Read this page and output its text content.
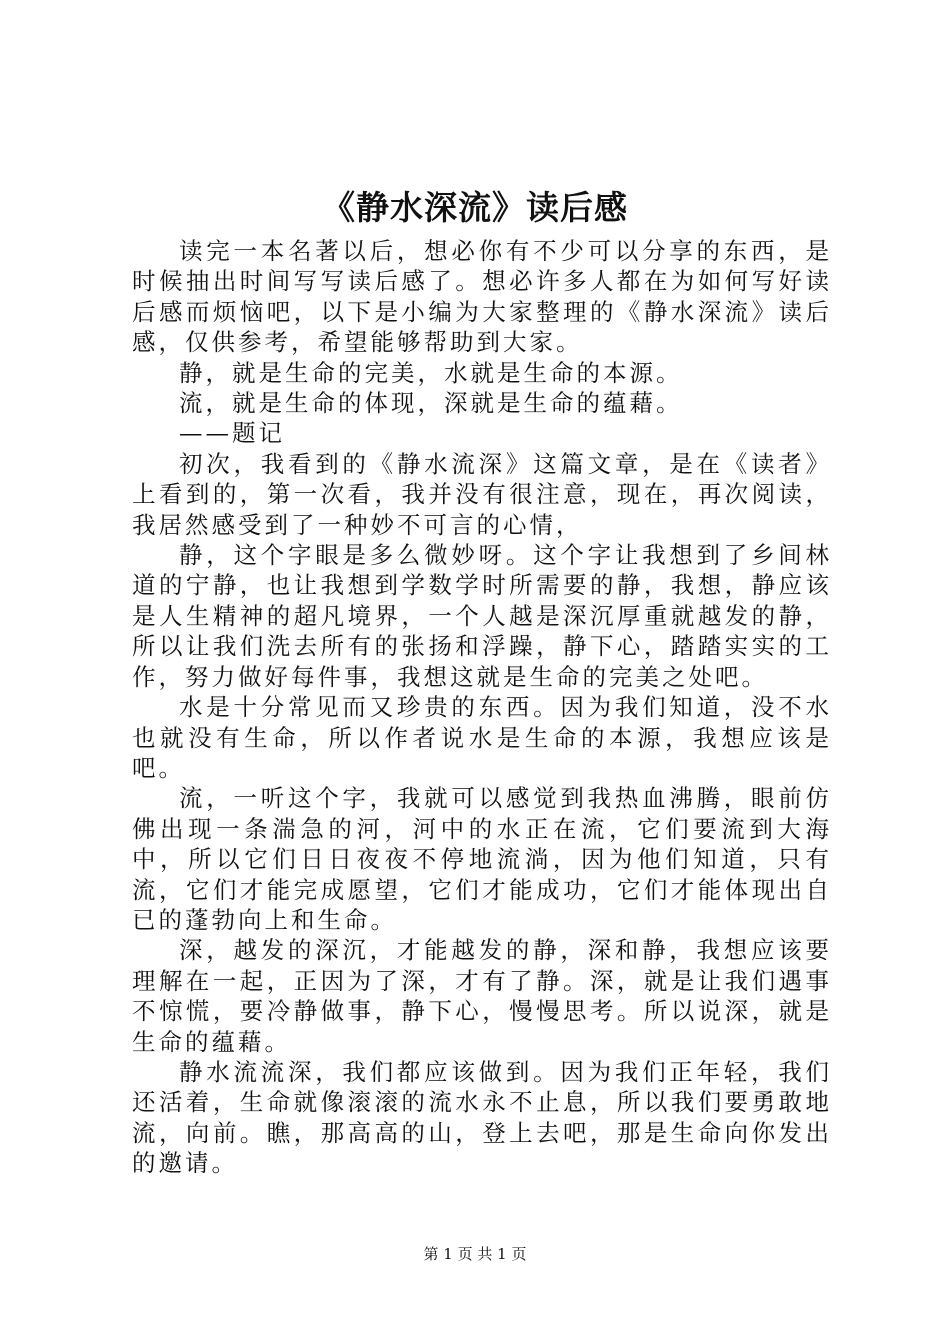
《静水深流》读后感

读完一本名著以后，想必你有不少可以分享的东西，是时候抽出时间写写读后感了。想必许多人都在为如何写好读后感而烦恼吧，以下是小编为大家整理的《静水深流》读后感，仅供参考，希望能够帮助到大家。

静，就是生命的完美，水就是生命的本源。

流，就是生命的体现，深就是生命的蕴藉。

——题记

初次，我看到的《静水流深》这篇文章，是在《读者》上看到的，第一次看，我并没有很注意，现在，再次阅读，我居然感受到了一种妙不可言的心情，

静，这个字眼是多么微妙呀。这个字让我想到了乡间林道的宁静，也让我想到学数学时所需要的静，我想，静应该是人生精神的超凡境界，一个人越是深沉厚重就越发的静，所以让我们洗去所有的张扬和浮躁，静下心，踏踏实实的工作，努力做好每件事，我想这就是生命的完美之处吧。

水是十分常见而又珍贵的东西。因为我们知道，没不水也就没有生命，所以作者说水是生命的本源，我想应该是吧。

流，一听这个字，我就可以感觉到我热血沸腾，眼前仿佛出现一条湍急的河，河中的水正在流，它们要流到大海中，所以它们日日夜夜不停地流淌，因为他们知道，只有流，它们才能完成愿望，它们才能成功，它们才能体现出自已的蓬勃向上和生命。

深，越发的深沉，才能越发的静，深和静，我想应该要理解在一起，正因为了深，才有了静。深，就是让我们遇事不惊慌，要冷静做事，静下心，慢慢思考。所以说深，就是生命的蕴藉。

静水流流深，我们都应该做到。因为我们正年轻，我们还活着，生命就像滚滚的流水永不止息，所以我们要勇敢地流，向前。瞧，那高高的山，登上去吧，那是生命向你发出的邀请。

第 1 页 共 1 页
